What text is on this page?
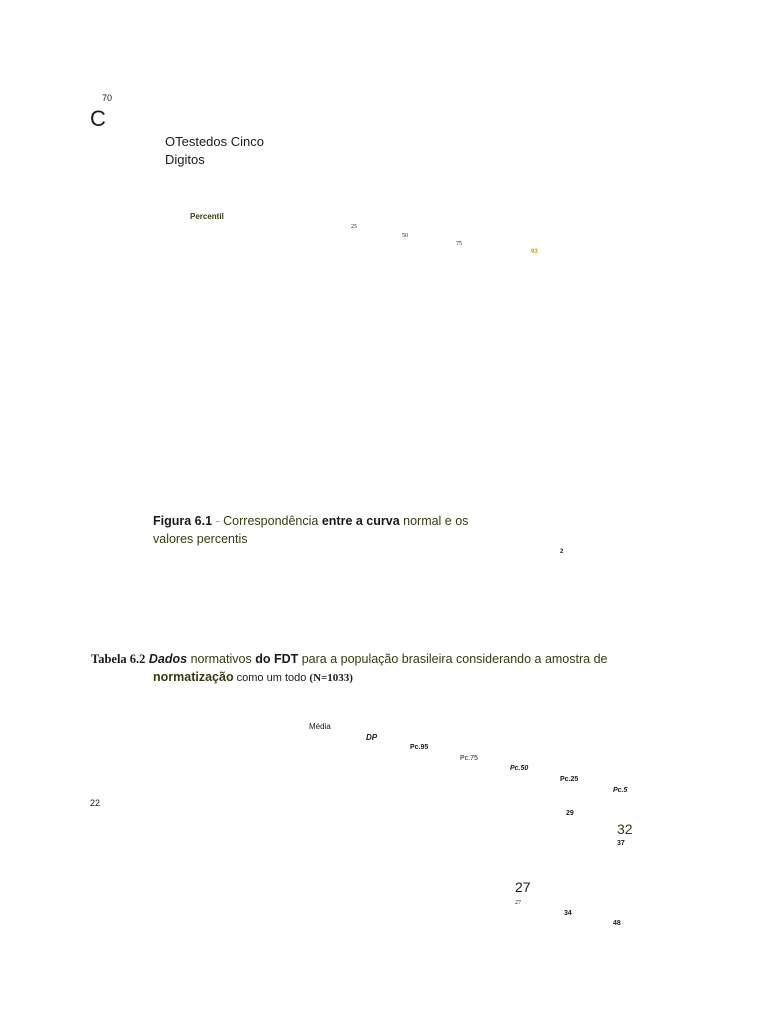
70
C
OTestedos Cinco
Digitos
Percentil
25
50
75
93
Figura 6.1 - Correspondência entre a curva normal e os
valores percentis
2
Tabela 6.2 Dados normativos do FDT para a população brasileira considerando a amostra de
normatização como um todo (N=1033)
Média
DP
Pc.95
Pc.75
Pc.50
Pc.25
Pc.5
22
29
32
37
27
27
34
48
